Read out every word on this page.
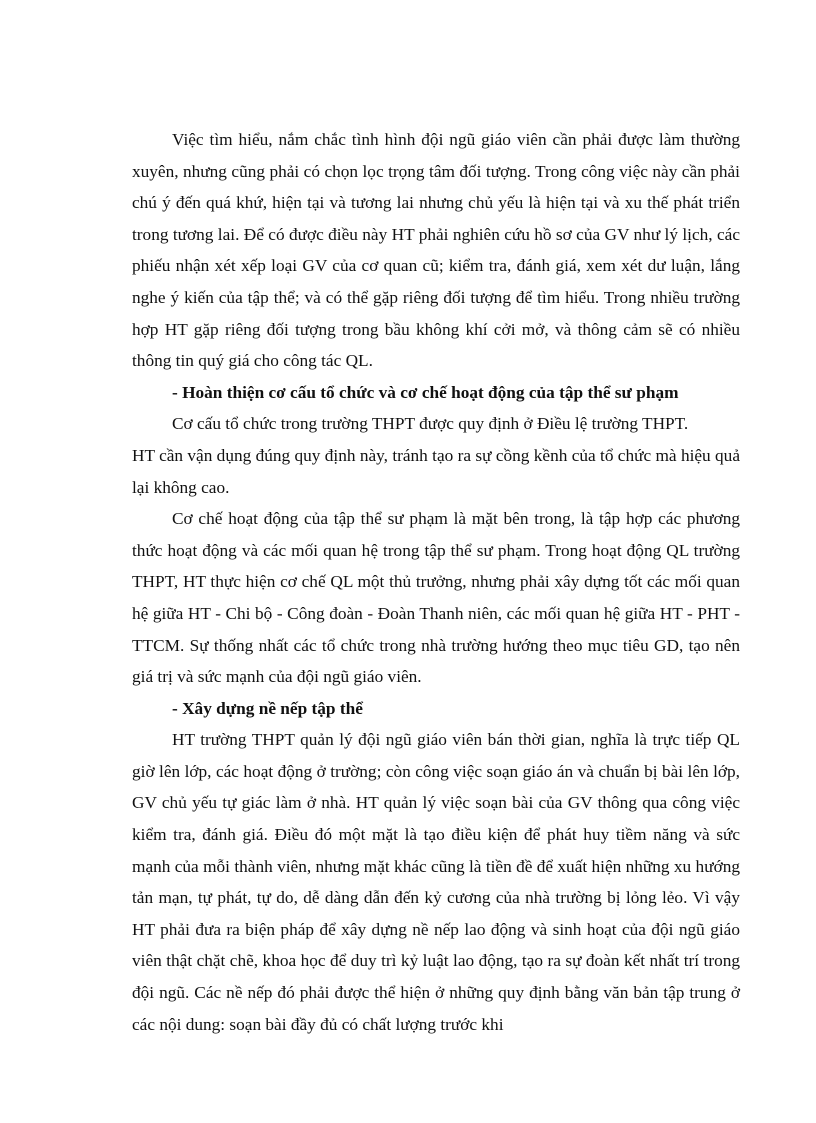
Việc tìm hiểu, nắm chắc tình hình đội ngũ giáo viên cần phải được làm thường xuyên, nhưng cũng phải có chọn lọc trọng tâm đối tượng. Trong công việc này cần phải chú ý đến quá khứ, hiện tại và tương lai nhưng chủ yếu là hiện tại và xu thế phát triển trong tương lai. Để có được điều này HT phải nghiên cứu hồ sơ của GV như lý lịch, các phiếu nhận xét xếp loại GV của cơ quan cũ; kiểm tra, đánh giá, xem xét dư luận, lắng nghe ý kiến của tập thể; và có thể gặp riêng đối tượng để tìm hiểu. Trong nhiều trường hợp HT gặp riêng đối tượng trong bầu không khí cởi mở, và thông cảm sẽ có nhiều thông tin quý giá cho công tác QL.

- Hoàn thiện cơ cấu tổ chức và cơ chế hoạt động của tập thể sư phạm

Cơ cấu tổ chức trong trường THPT được quy định ở Điều lệ trường THPT.

HT cần vận dụng đúng quy định này, tránh tạo ra sự cồng kềnh của tổ chức mà hiệu quả lại không cao.

Cơ chế hoạt động của tập thể sư phạm là mặt bên trong, là tập hợp các phương thức hoạt động và các mối quan hệ trong tập thể sư phạm. Trong hoạt động QL trường THPT, HT thực hiện cơ chế QL một thủ trưởng, nhưng phải xây dựng tốt các mối quan hệ giữa HT - Chi bộ - Công đoàn - Đoàn Thanh niên, các mối quan hệ giữa HT - PHT - TTCM. Sự thống nhất các tổ chức trong nhà trường hướng theo mục tiêu GD, tạo nên giá trị và sức mạnh của đội ngũ giáo viên.

- Xây dựng nề nếp tập thể

HT trường THPT quản lý đội ngũ giáo viên bán thời gian, nghĩa là trực tiếp QL giờ lên lớp, các hoạt động ở trường; còn công việc soạn giáo án và chuẩn bị bài lên lớp, GV chủ yếu tự giác làm ở nhà. HT quản lý việc soạn bài của GV thông qua công việc kiểm tra, đánh giá. Điều đó một mặt là tạo điều kiện để phát huy tiềm năng và sức mạnh của mỗi thành viên, nhưng mặt khác cũng là tiền đề để xuất hiện những xu hướng tản mạn, tự phát, tự do, dễ dàng dẫn đến kỷ cương của nhà trường bị lỏng lẻo. Vì vậy HT phải đưa ra biện pháp để xây dựng nề nếp lao động và sinh hoạt của đội ngũ giáo viên thật chặt chẽ, khoa học để duy trì kỷ luật lao động, tạo ra sự đoàn kết nhất trí trong đội ngũ. Các nề nếp đó phải được thể hiện ở những quy định bằng văn bản tập trung ở các nội dung: soạn bài đầy đủ có chất lượng trước khi
